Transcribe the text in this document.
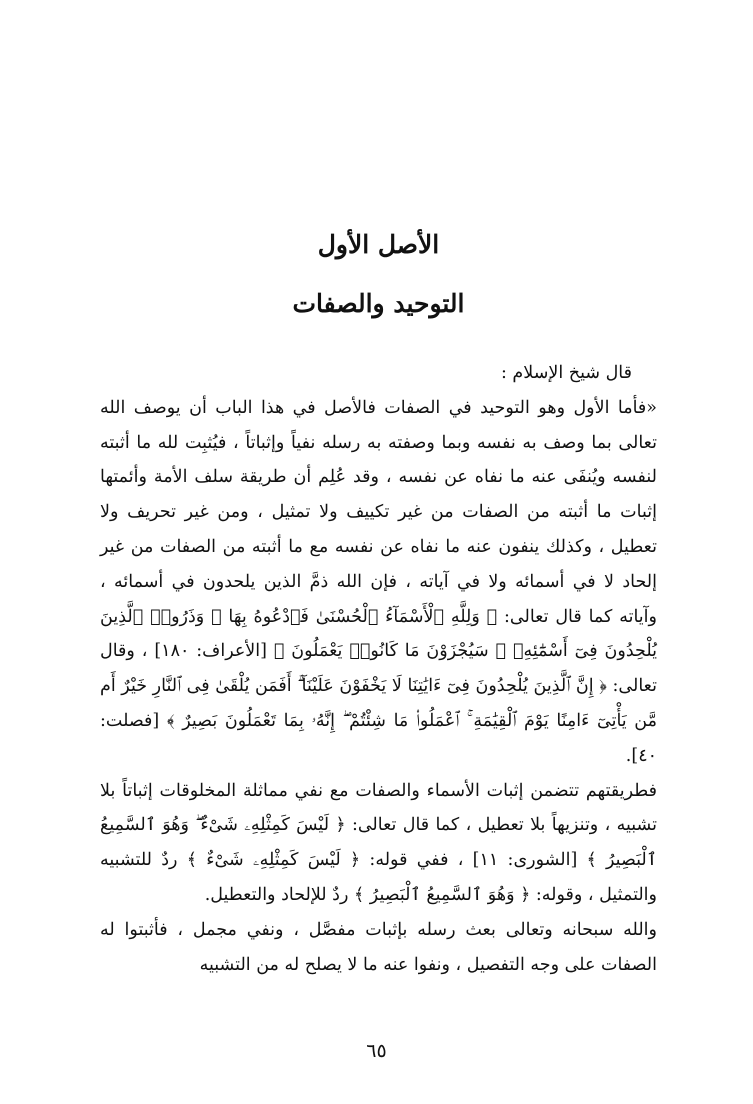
الأصل الأول
التوحيد والصفات

قال شيخ الإسلام :

«فأما الأول وهو التوحيد في الصفات فالأصل في هذا الباب أن يوصف الله تعالى بما وصف به نفسه وبما وصفته به رسله نفياً وإثباتاً ، فيُثبِت لله ما أثبته لنفسه ويُنفَى عنه ما نفاه عن نفسه ، وقد عُلِم أن طريقة سلف الأمة وأئمتها إثبات ما أثبته من الصفات من غير تكييف ولا تمثيل ، ومن غير تحريف ولا تعطيل ، وكذلك ينفون عنه ما نفاه عن نفسه مع ما أثبته من الصفات من غير إلحاد لا في أسمائه ولا في آياته ، فإن الله ذمَّ الذين يلحدون في أسمائه ، وآياته كما قال تعالى: ﴿ وَلِلَّهِ ٱلْأَسْمَآءُ ٱلْحُسْنَىٰ فَٱدْعُوهُ بِهَا ۖ وَذَرُوا۟ ٱلَّذِينَ يُلْحِدُونَ فِىٓ أَسْمَٰٓئِهِۦ ۚ سَيُجْزَوْنَ مَا كَانُوا۟ يَعْمَلُونَ ﴾ [الأعراف: ١٨٠] ، وقال تعالى: ﴿ إِنَّ ٱلَّذِينَ يُلْحِدُونَ فِىٓ ءَايَٰتِنَا لَا يَخْفَوْنَ عَلَيْنَآ ۗ أَفَمَن يُلْقَىٰ فِى ٱلنَّارِ خَيْرٌ أَم مَّن يَأْتِىٓ ءَامِنًا يَوْمَ ٱلْقِيَٰمَةِ ۚ ٱعْمَلُوا۟ مَا شِئْتُمْ ۖ إِنَّهُۥ بِمَا تَعْمَلُونَ بَصِيرٌ ﴾ [فصلت: ٤٠].

فطريقتهم تتضمن إثبات الأسماء والصفات مع نفي مماثلة المخلوقات إثباتاً بلا تشبيه ، وتنزيهاً بلا تعطيل ، كما قال تعالى: ﴿ لَيْسَ كَمِثْلِهِۦ شَىْءٌ ۖ وَهُوَ ٱلسَّمِيعُ ٱلْبَصِيرُ ﴾ [الشورى: ١١] ، ففي قوله: ﴿ لَيْسَ كَمِثْلِهِۦ شَىْءٌ ﴾ ردٌ للتشبيه والتمثيل ، وقوله: ﴿ وَهُوَ ٱلسَّمِيعُ ٱلْبَصِيرُ ﴾ ردٌ للإلحاد والتعطيل.

والله سبحانه وتعالى بعث رسله بإثبات مفصَّل ، ونفي مجمل ، فأثبتوا له الصفات على وجه التفصيل ، ونفوا عنه ما لا يصلح له من التشبيه

٦٥
